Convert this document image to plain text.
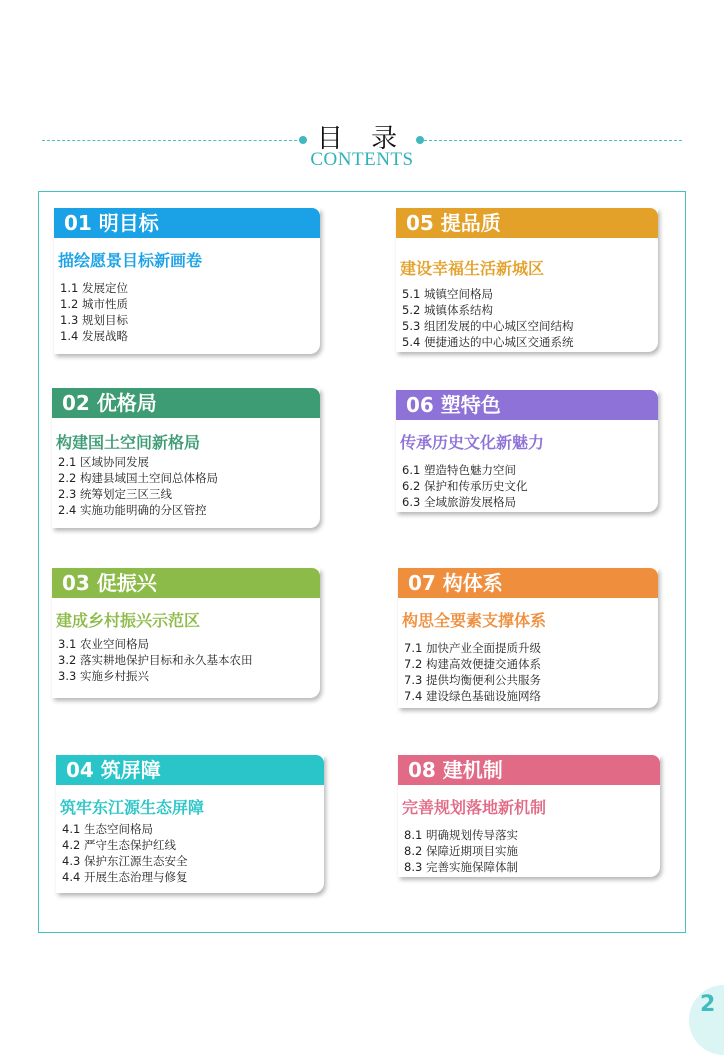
目 录
CONTENTS
01 明目标
描绘愿景目标新画卷
1.1 发展定位
1.2 城市性质
1.3 规划目标
1.4 发展战略
02 优格局
构建国土空间新格局
2.1 区域协同发展
2.2 构建县域国土空间总体格局
2.3 统筹划定三区三线
2.4 实施功能明确的分区管控
03 促振兴
建成乡村振兴示范区
3.1 农业空间格局
3.2 落实耕地保护目标和永久基本农田
3.3 实施乡村振兴
04 筑屏障
筑牢东江源生态屏障
4.1 生态空间格局
4.2 严守生态保护红线
4.3 保护东江源生态安全
4.4 开展生态治理与修复
05 提品质
建设幸福生活新城区
5.1 城镇空间格局
5.2 城镇体系结构
5.3 组团发展的中心城区空间结构
5.4 便捷通达的中心城区交通系统
06 塑特色
传承历史文化新魅力
6.1 塑造特色魅力空间
6.2 保护和传承历史文化
6.3 全域旅游发展格局
07 构体系
构思全要素支撑体系
7.1 加快产业全面提质升级
7.2 构建高效便捷交通体系
7.3 提供均衡便利公共服务
7.4 建设绿色基础设施网络
08 建机制
完善规划落地新机制
8.1 明确规划传导落实
8.2 保障近期项目实施
8.3 完善实施保障体制
2
